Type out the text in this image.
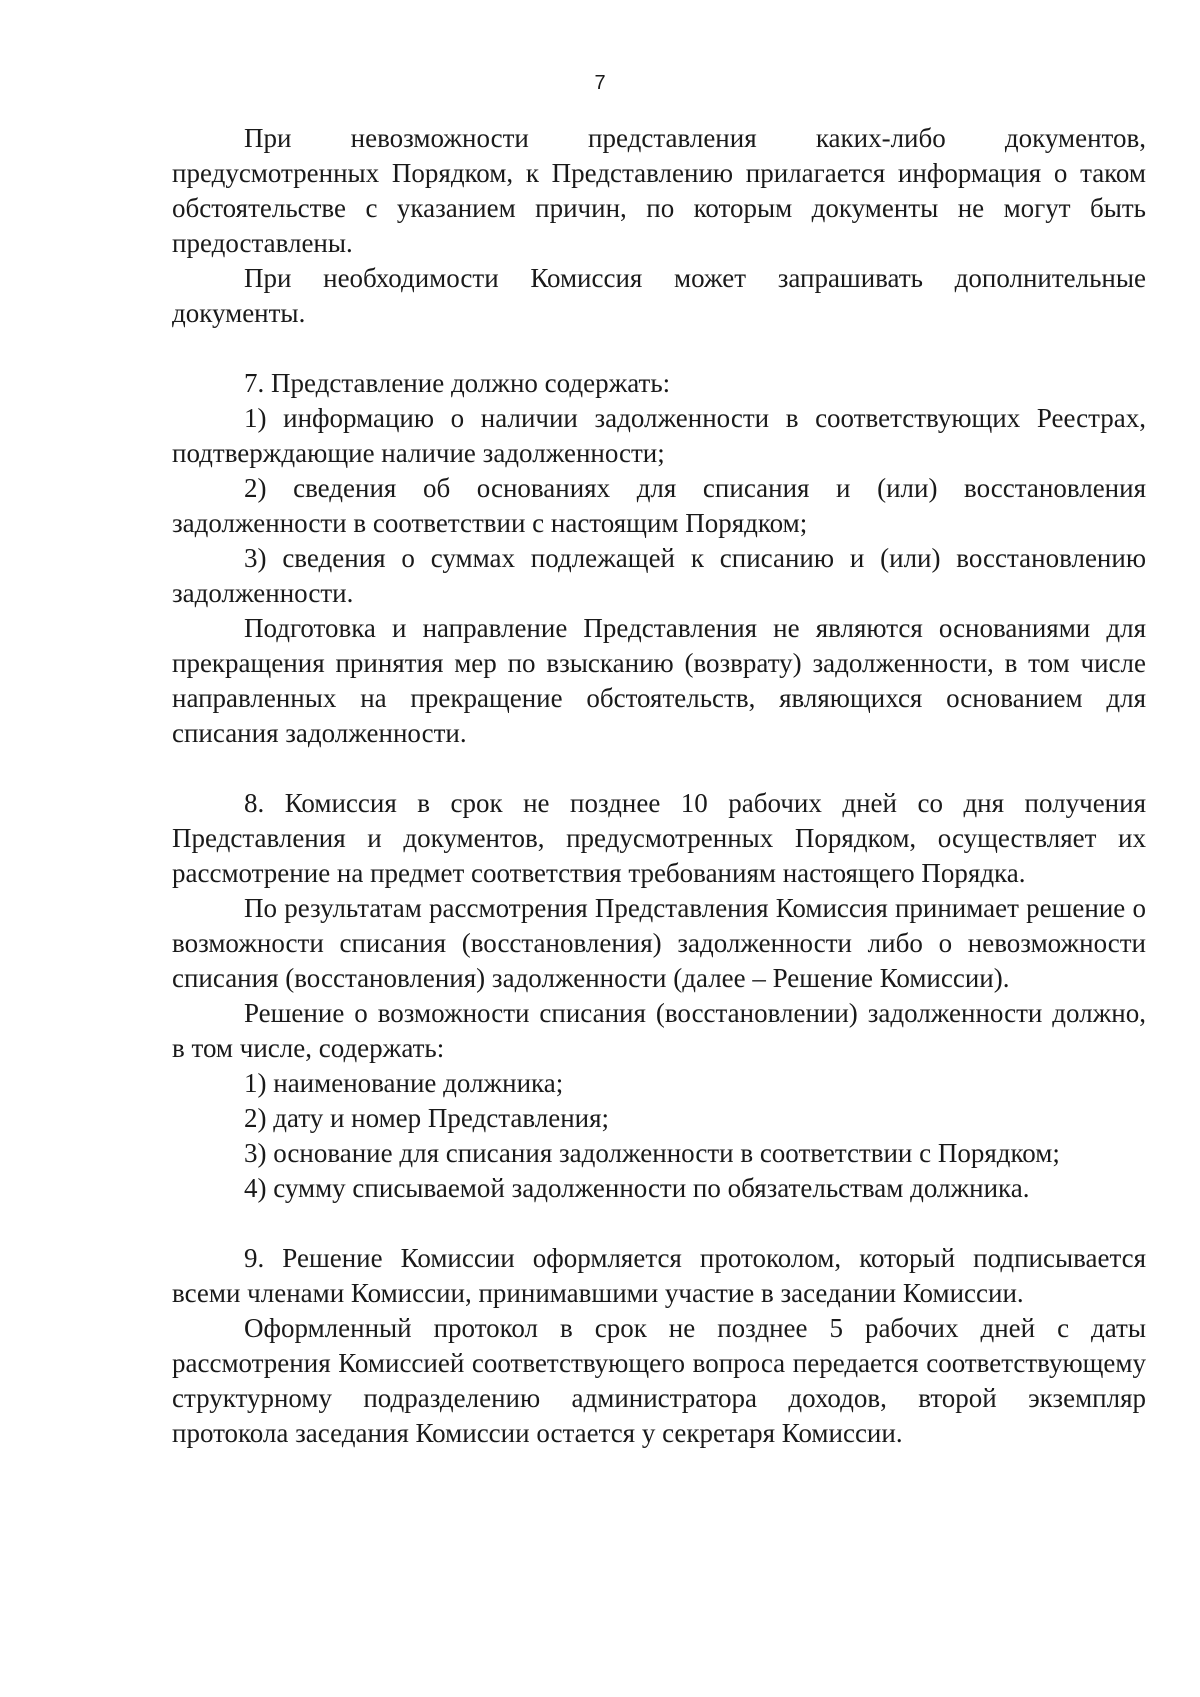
7

При невозможности представления каких-либо документов, предусмотренных Порядком, к Представлению прилагается информация о таком обстоятельстве с указанием причин, по которым документы не могут быть предоставлены.

При необходимости Комиссия может запрашивать дополнительные документы.

7. Представление должно содержать:

1) информацию о наличии задолженности в соответствующих Реестрах, подтверждающие наличие задолженности;

2) сведения об основаниях для списания и (или) восстановления задолженности в соответствии с настоящим Порядком;

3) сведения о суммах подлежащей к списанию и (или) восстановлению задолженности.

Подготовка и направление Представления не являются основаниями для прекращения принятия мер по взысканию (возврату) задолженности, в том числе направленных на прекращение обстоятельств, являющихся основанием для списания задолженности.

8. Комиссия в срок не позднее 10 рабочих дней со дня получения Представления и документов, предусмотренных Порядком, осуществляет их рассмотрение на предмет соответствия требованиям настоящего Порядка.

По результатам рассмотрения Представления Комиссия принимает решение о возможности списания (восстановления) задолженности либо о невозможности списания (восстановления) задолженности (далее – Решение Комиссии).

Решение о возможности списания (восстановлении) задолженности должно, в том числе, содержать:

1) наименование должника;

2) дату и номер Представления;

3) основание для списания задолженности в соответствии с Порядком;

4) сумму списываемой задолженности по обязательствам должника.

9. Решение Комиссии оформляется протоколом, который подписывается всеми членами Комиссии, принимавшими участие в заседании Комиссии.

Оформленный протокол в срок не позднее 5 рабочих дней с даты рассмотрения Комиссией соответствующего вопроса передается соответствующему структурному подразделению администратора доходов, второй экземпляр протокола заседания Комиссии остается у секретаря Комиссии.
